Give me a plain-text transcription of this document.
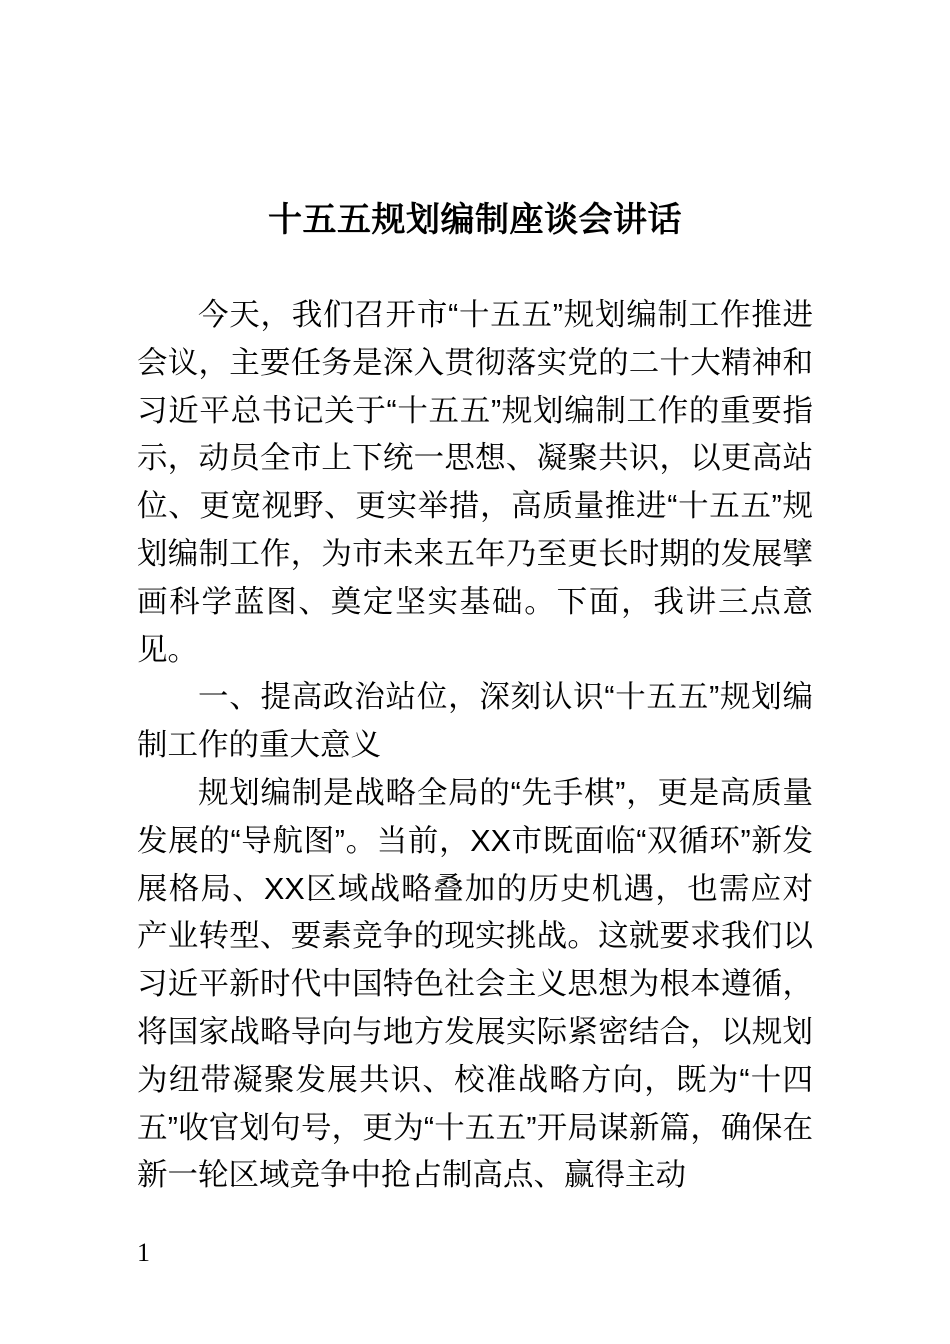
十五五规划编制座谈会讲话

今天，我们召开市“十五五”规划编制工作推进会议，主要任务是深入贯彻落实党的二十大精神和习近平总书记关于“十五五”规划编制工作的重要指示，动员全市上下统一思想、凝聚共识，以更高站位、更宽视野、更实举措，高质量推进“十五五”规划编制工作，为市未来五年乃至更长时期的发展擘画科学蓝图、奠定坚实基础。下面，我讲三点意见。

一、提高政治站位，深刻认识“十五五”规划编制工作的重大意义

规划编制是战略全局的“先手棋”，更是高质量发展的“导航图”。当前，XX市既面临“双循环”新发展格局、XX区域战略叠加的历史机遇，也需应对产业转型、要素竞争的现实挑战。这就要求我们以习近平新时代中国特色社会主义思想为根本遵循，将国家战略导向与地方发展实际紧密结合，以规划为纽带凝聚发展共识、校准战略方向，既为“十四五”收官划句号，更为“十五五”开局谋新篇，确保在新一轮区域竞争中抢占制高点、赢得主动

1
